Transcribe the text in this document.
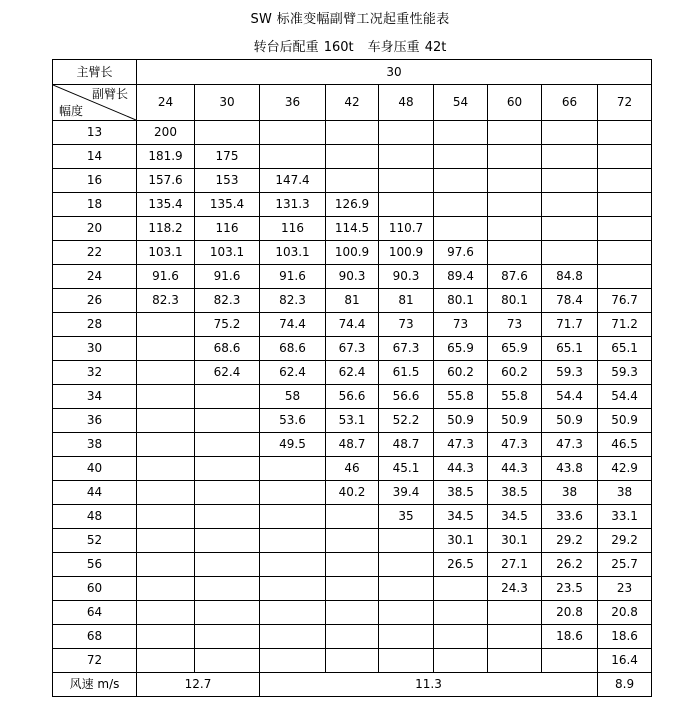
SW 标准变幅副臂工况起重性能表
转台后配重 160t 车身压重 42t
主臂长	30								

副臂长
幅度	24	30	36	42	48	54	60	66	72
13	200								
14	181.9	175							
16	157.6	153	147.4						
18	135.4	135.4	131.3	126.9					
20	118.2	116	116	114.5	110.7				
22	103.1	103.1	103.1	100.9	100.9	97.6			
24	91.6	91.6	91.6	90.3	90.3	89.4	87.6	84.8	
26	82.3	82.3	82.3	81	81	80.1	80.1	78.4	76.7
28		75.2	74.4	74.4	73	73	73	71.7	71.2
30		68.6	68.6	67.3	67.3	65.9	65.9	65.1	65.1
32		62.4	62.4	62.4	61.5	60.2	60.2	59.3	59.3
34			58	56.6	56.6	55.8	55.8	54.4	54.4
36			53.6	53.1	52.2	50.9	50.9	50.9	50.9
38			49.5	48.7	48.7	47.3	47.3	47.3	46.5
40				46	45.1	44.3	44.3	43.8	42.9
44				40.2	39.4	38.5	38.5	38	38
48					35	34.5	34.5	33.6	33.1
52						30.1	30.1	29.2	29.2
56						26.5	27.1	26.2	25.7
60							24.3	23.5	23
64								20.8	20.8
68								18.6	18.6
72									16.4
风速 m/s	12.7		11.3						8.9
